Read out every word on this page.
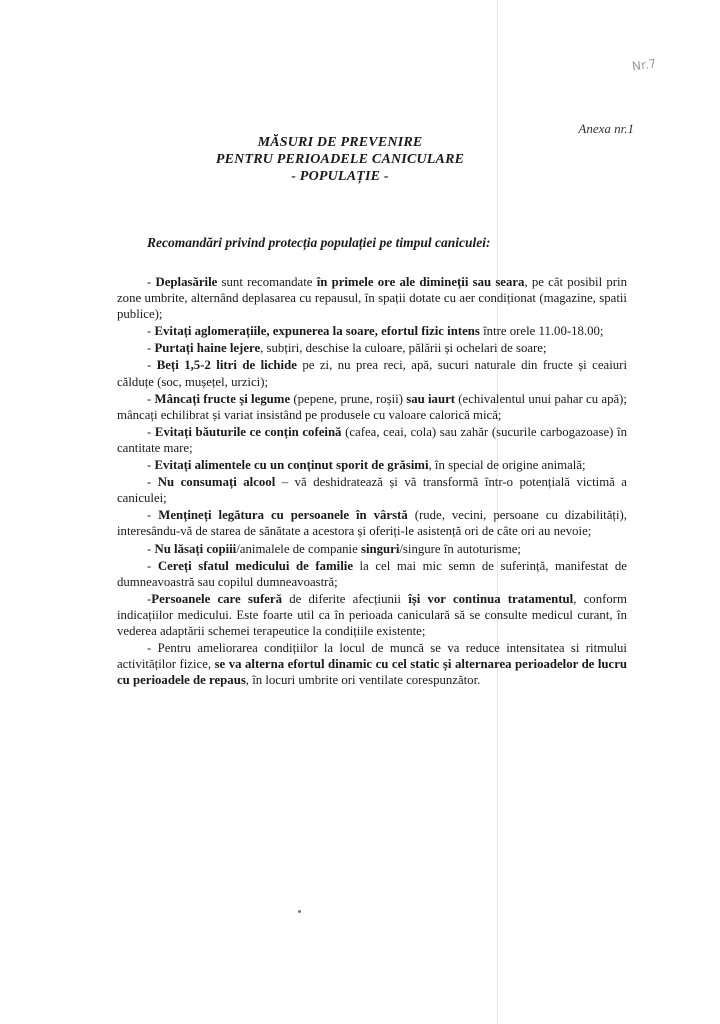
Nr.7
Anexa nr.1
MĂSURI DE PREVENIRE
PENTRU PERIOADELE CANICULARE
- POPULAȚIE -
Recomandări privind protecția populației pe timpul caniculei:

- Deplasările sunt recomandate în primele ore ale dimineții sau seara, pe cât posibil prin zone umbrite, alternând deplasarea cu repausul, în spații dotate cu aer condiționat (magazine, spatii publice);

- Evitați aglomerațiile, expunerea la soare, efortul fizic intens între orele 11.00-18.00;

- Purtați haine lejere, subțiri, deschise la culoare, pălării și ochelari de soare;

- Beți 1,5-2 litri de lichide pe zi, nu prea reci, apă, sucuri naturale din fructe și ceaiuri călduțe (soc, mușețel, urzici);

- Mâncați fructe și legume (pepene, prune, roșii) sau iaurt (echivalentul unui pahar cu apă); mâncați echilibrat și variat insistând pe produsele cu valoare calorică mică;

- Evitați băuturile ce conțin cofeină (cafea, ceai, cola) sau zahăr (sucurile carbogazoase) în cantitate mare;

- Evitați alimentele cu un conținut sporit de grăsimi, în special de origine animală;

- Nu consumați alcool – vă deshidratează și vă transformă într-o potențială victimă a caniculei;

- Mențineți legătura cu persoanele în vârstă (rude, vecini, persoane cu dizabilități), interesându-vă de starea de sănătate a acestora și oferiți-le asistență ori de câte ori au nevoie;

- Nu lăsați copiii/animalele de companie singuri/singure în autoturisme;

- Cereți sfatul medicului de familie la cel mai mic semn de suferință, manifestat de dumneavoastră sau copilul dumneavoastră;

-Persoanele care suferă de diferite afecțiunii își vor continua tratamentul, conform indicațiilor medicului. Este foarte util ca în perioada caniculară să se consulte medicul curant, în vederea adaptării schemei terapeutice la condițiile existente;

- Pentru ameliorarea condițiilor la locul de muncă se va reduce intensitatea si ritmului activităților fizice, se va alterna efortul dinamic cu cel static și alternarea perioadelor de lucru cu perioadele de repaus, în locuri umbrite ori ventilate corespunzător.
